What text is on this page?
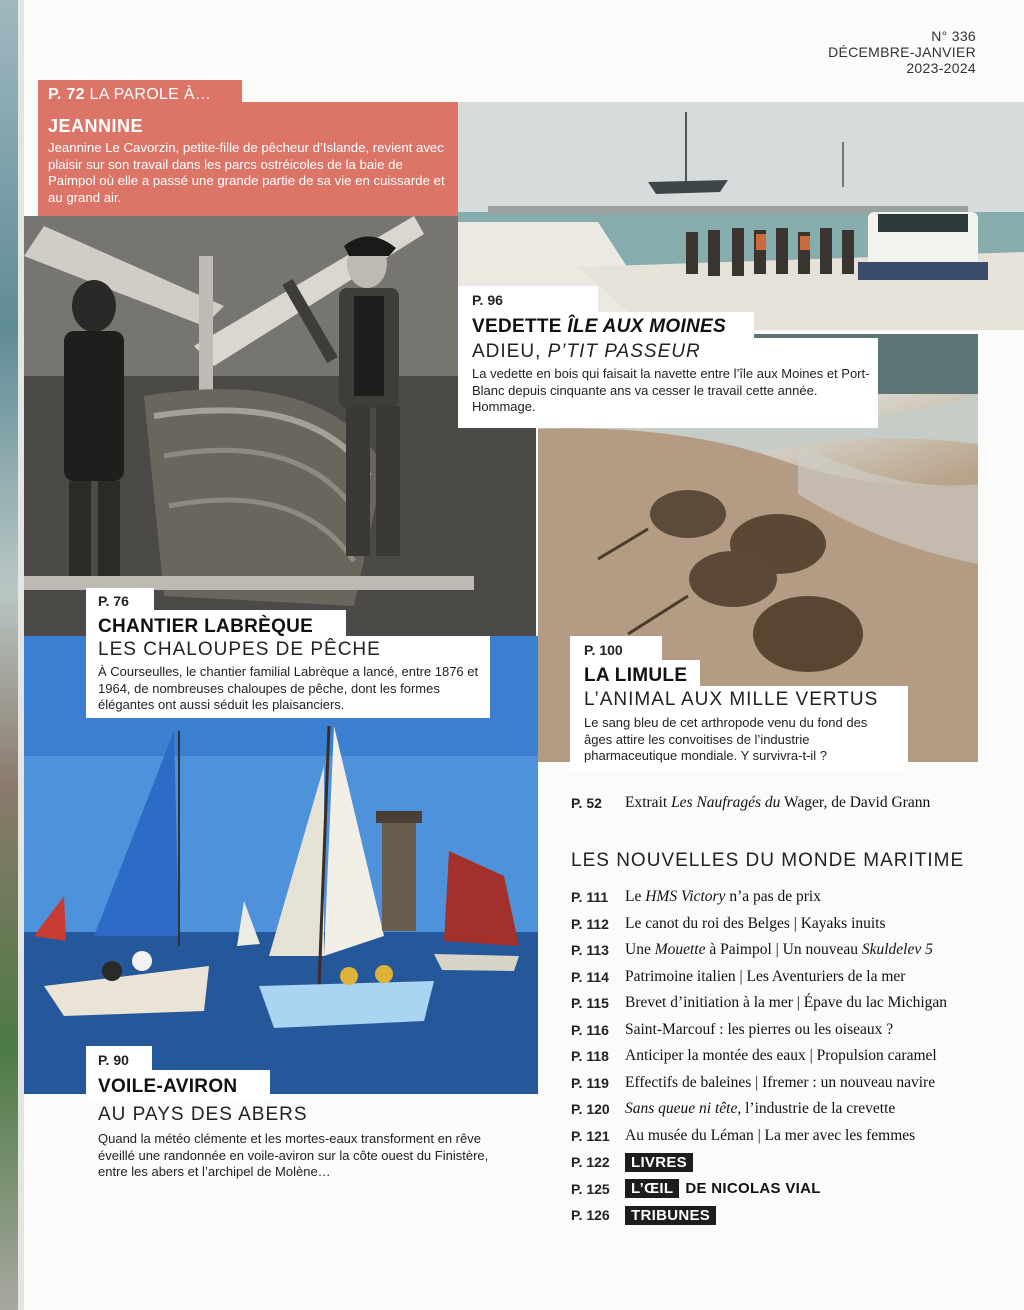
N° 336
DÉCEMBRE-JANVIER
2023-2024
P. 72 LA PAROLE À…
JEANNINE
Jeannine Le Cavorzin, petite-fille de pêcheur d’Islande, revient avec plaisir sur son travail dans les parcs ostréicoles de la baie de Paimpol où elle a passé une grande partie de sa vie en cuissarde et au grand air.
P. 96
VEDETTE ÎLE AUX MOINES
ADIEU, P’TIT PASSEUR
La vedette en bois qui faisait la navette entre l’île aux Moines et Port-Blanc depuis cinquante ans va cesser le travail cette année. Hommage.
P. 76
CHANTIER LABRÈQUE
LES CHALOUPES DE PÊCHE
À Courseulles, le chantier familial Labrèque a lancé, entre 1876 et 1964, de nombreuses chaloupes de pêche, dont les formes élégantes ont aussi séduit les plaisanciers.
P. 100
LA LIMULE
L’ANIMAL AUX MILLE VERTUS
Le sang bleu de cet arthropode venu du fond des âges attire les convoitises de l’industrie pharmaceutique mondiale. Y survivra-t-il ?
P. 90
VOILE-AVIRON
AU PAYS DES ABERS
Quand la météo clémente et les mortes-eaux transforment en rêve éveillé une randonnée en voile-aviron sur la côte ouest du Finistère, entre les abers et l’archipel de Molène…
P. 52	Extrait Les Naufragés du Wager, de David Grann
LES NOUVELLES DU MONDE MARITIME
P. 111	Le HMS Victory n’a pas de prix
P. 112	Le canot du roi des Belges | Kayaks inuits
P. 113	Une Mouette à Paimpol | Un nouveau Skuldelev 5
P. 114	Patrimoine italien | Les Aventuriers de la mer
P. 115	Brevet d’initiation à la mer | Épave du lac Michigan
P. 116	Saint-Marcouf : les pierres ou les oiseaux ?
P. 118	Anticiper la montée des eaux | Propulsion caramel
P. 119	Effectifs de baleines | Ifremer : un nouveau navire
P. 120 Sans queue ni tête, l’industrie de la crevette
P. 121 Au musée du Léman | La mer avec les femmes
P. 122	LIVRES
P. 125	L’ŒIL DE NICOLAS VIAL
P. 126	TRIBUNES
